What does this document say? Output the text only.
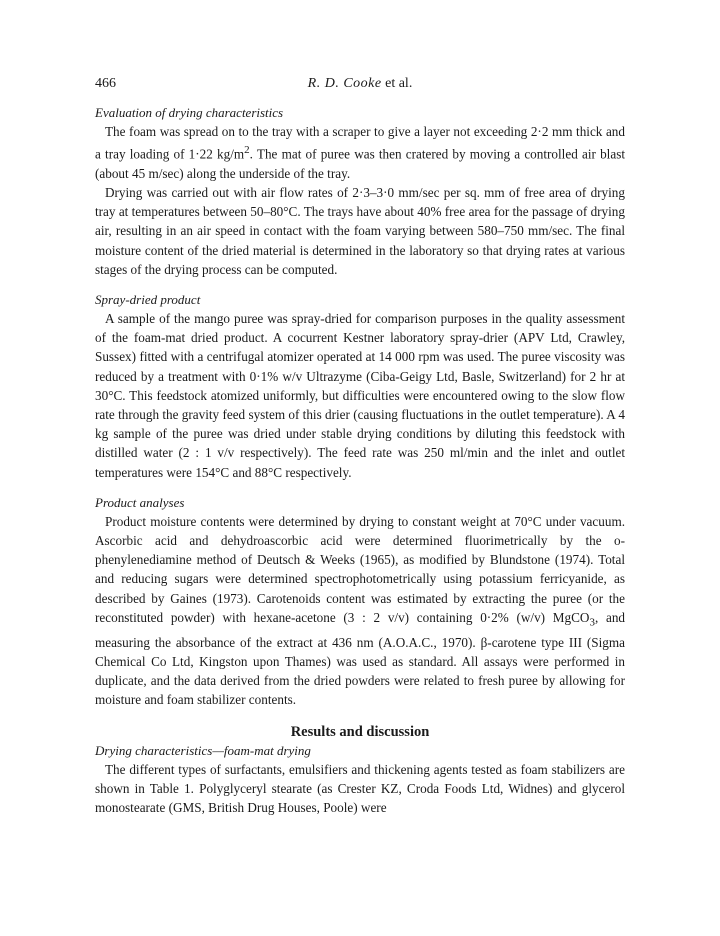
466	R. D. Cooke et al.

Evaluation of drying characteristics

The foam was spread on to the tray with a scraper to give a layer not exceeding 2·2 mm thick and a tray loading of 1·22 $kg/m^2$. The mat of puree was then cratered by moving a controlled air blast (about 45 m/sec) along the underside of the tray.

Drying was carried out with air flow rates of 2·3–3·0 mm/sec per sq. mm of free area of drying tray at temperatures between 50–80°C. The trays have about 40% free area for the passage of drying air, resulting in an air speed in contact with the foam varying between 580–750 mm/sec. The final moisture content of the dried material is determined in the laboratory so that drying rates at various stages of the drying process can be computed.

Spray-dried product

A sample of the mango puree was spray-dried for comparison purposes in the quality assessment of the foam-mat dried product. A cocurrent Kestner laboratory spray-drier (APV Ltd, Crawley, Sussex) fitted with a centrifugal atomizer operated at 14 000 rpm was used. The puree viscosity was reduced by a treatment with 0·1% w/v Ultrazyme (Ciba-Geigy Ltd, Basle, Switzerland) for 2 hr at 30°C. This feedstock atomized uniformly, but difficulties were encountered owing to the slow flow rate through the gravity feed system of this drier (causing fluctuations in the outlet temperature). A 4 kg sample of the puree was dried under stable drying conditions by diluting this feedstock with distilled water (2 : 1 v/v respectively). The feed rate was 250 ml/min and the inlet and outlet temperatures were 154°C and 88°C respectively.

Product analyses

Product moisture contents were determined by drying to constant weight at 70°C under vacuum. Ascorbic acid and dehydroascorbic acid were determined fluorimetrically by the o-phenylenediamine method of Deutsch & Weeks (1965), as modified by Blundstone (1974). Total and reducing sugars were determined spectrophotometrically using potassium ferricyanide, as described by Gaines (1973). Carotenoids content was estimated by extracting the puree (or the reconstituted powder) with hexane-acetone (3 : 2 v/v) containing 0·2% (w/v) MgCO$_3$, and measuring the absorbance of the extract at 436 nm (A.O.A.C., 1970). β-carotene type III (Sigma Chemical Co Ltd, Kingston upon Thames) was used as standard. All assays were performed in duplicate, and the data derived from the dried powders were related to fresh puree by allowing for moisture and foam stabilizer contents.

Results and discussion

Drying characteristics—foam-mat drying

The different types of surfactants, emulsifiers and thickening agents tested as foam stabilizers are shown in Table 1. Polyglyceryl stearate (as Crester KZ, Croda Foods Ltd, Widnes) and glycerol monostearate (GMS, British Drug Houses, Poole) were
